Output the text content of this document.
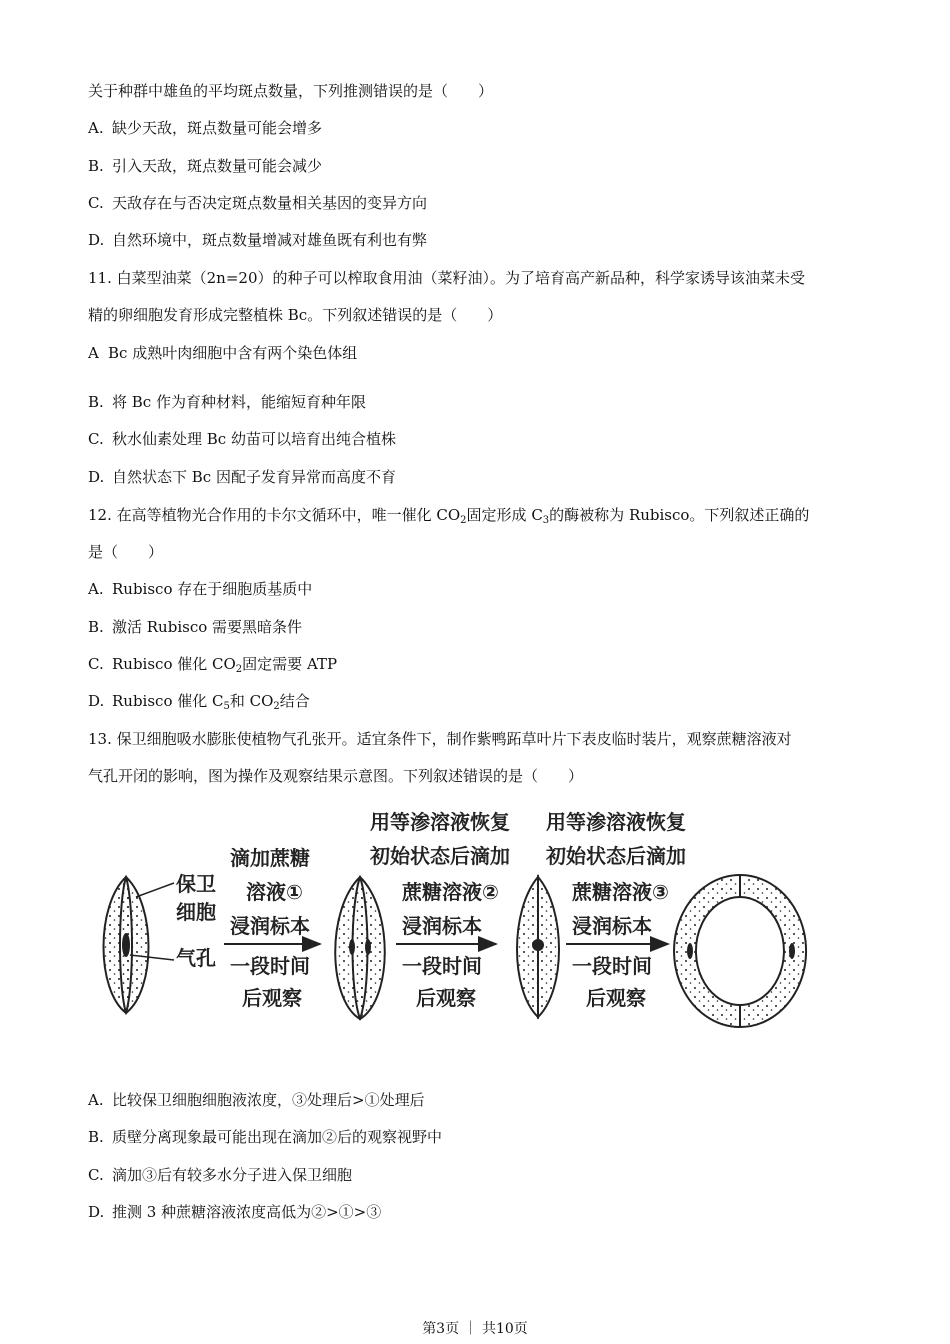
关于种群中雄鱼的平均斑点数量，下列推测错误的是（　　）
A. 缺少天敌，斑点数量可能会增多
B. 引入天敌，斑点数量可能会减少
C. 天敌存在与否决定斑点数量相关基因的变异方向
D. 自然环境中，斑点数量增减对雄鱼既有利也有弊
11. 白菜型油菜（2n=20）的种子可以榨取食用油（菜籽油）。为了培育高产新品种，科学家诱导该油菜未受
精的卵细胞发育形成完整植株 Bc。下列叙述错误的是（　　）
A Bc 成熟叶肉细胞中含有两个染色体组
B. 将 Bc 作为育种材料，能缩短育种年限
C. 秋水仙素处理 Bc 幼苗可以培育出纯合植株
D. 自然状态下 Bc 因配子发育异常而高度不育
12. 在高等植物光合作用的卡尔文循环中，唯一催化 $CO_2$固定形成 $C_3$的酶被称为 Rubisco。下列叙述正确的
是（　　）
A. Rubisco 存在于细胞质基质中
B. 激活 Rubisco 需要黑暗条件
C. Rubisco 催化 $CO_2$固定需要 ATP
D. Rubisco 催化 $C_5$和 $CO_2$结合
13. 保卫细胞吸水膨胀使植物气孔张开。适宜条件下，制作紫鸭跖草叶片下表皮临时装片，观察蔗糖溶液对
气孔开闭的影响，图为操作及观察结果示意图。下列叙述错误的是（　　）
保卫
细胞
气孔
滴加蔗糖
溶液①
浸润标本
一段时间
后观察
用等渗溶液恢复
初始状态后滴加
蔗糖溶液②
浸润标本
一段时间
后观察
用等渗溶液恢复
初始状态后滴加
蔗糖溶液③
浸润标本
一段时间
后观察
A. 比较保卫细胞细胞液浓度，③处理后>①处理后
B. 质壁分离现象最可能出现在滴加②后的观察视野中
C. 滴加③后有较多水分子进入保卫细胞
D. 推测 3 种蔗糖溶液浓度高低为②>①>③
第3页 ｜ 共10页
